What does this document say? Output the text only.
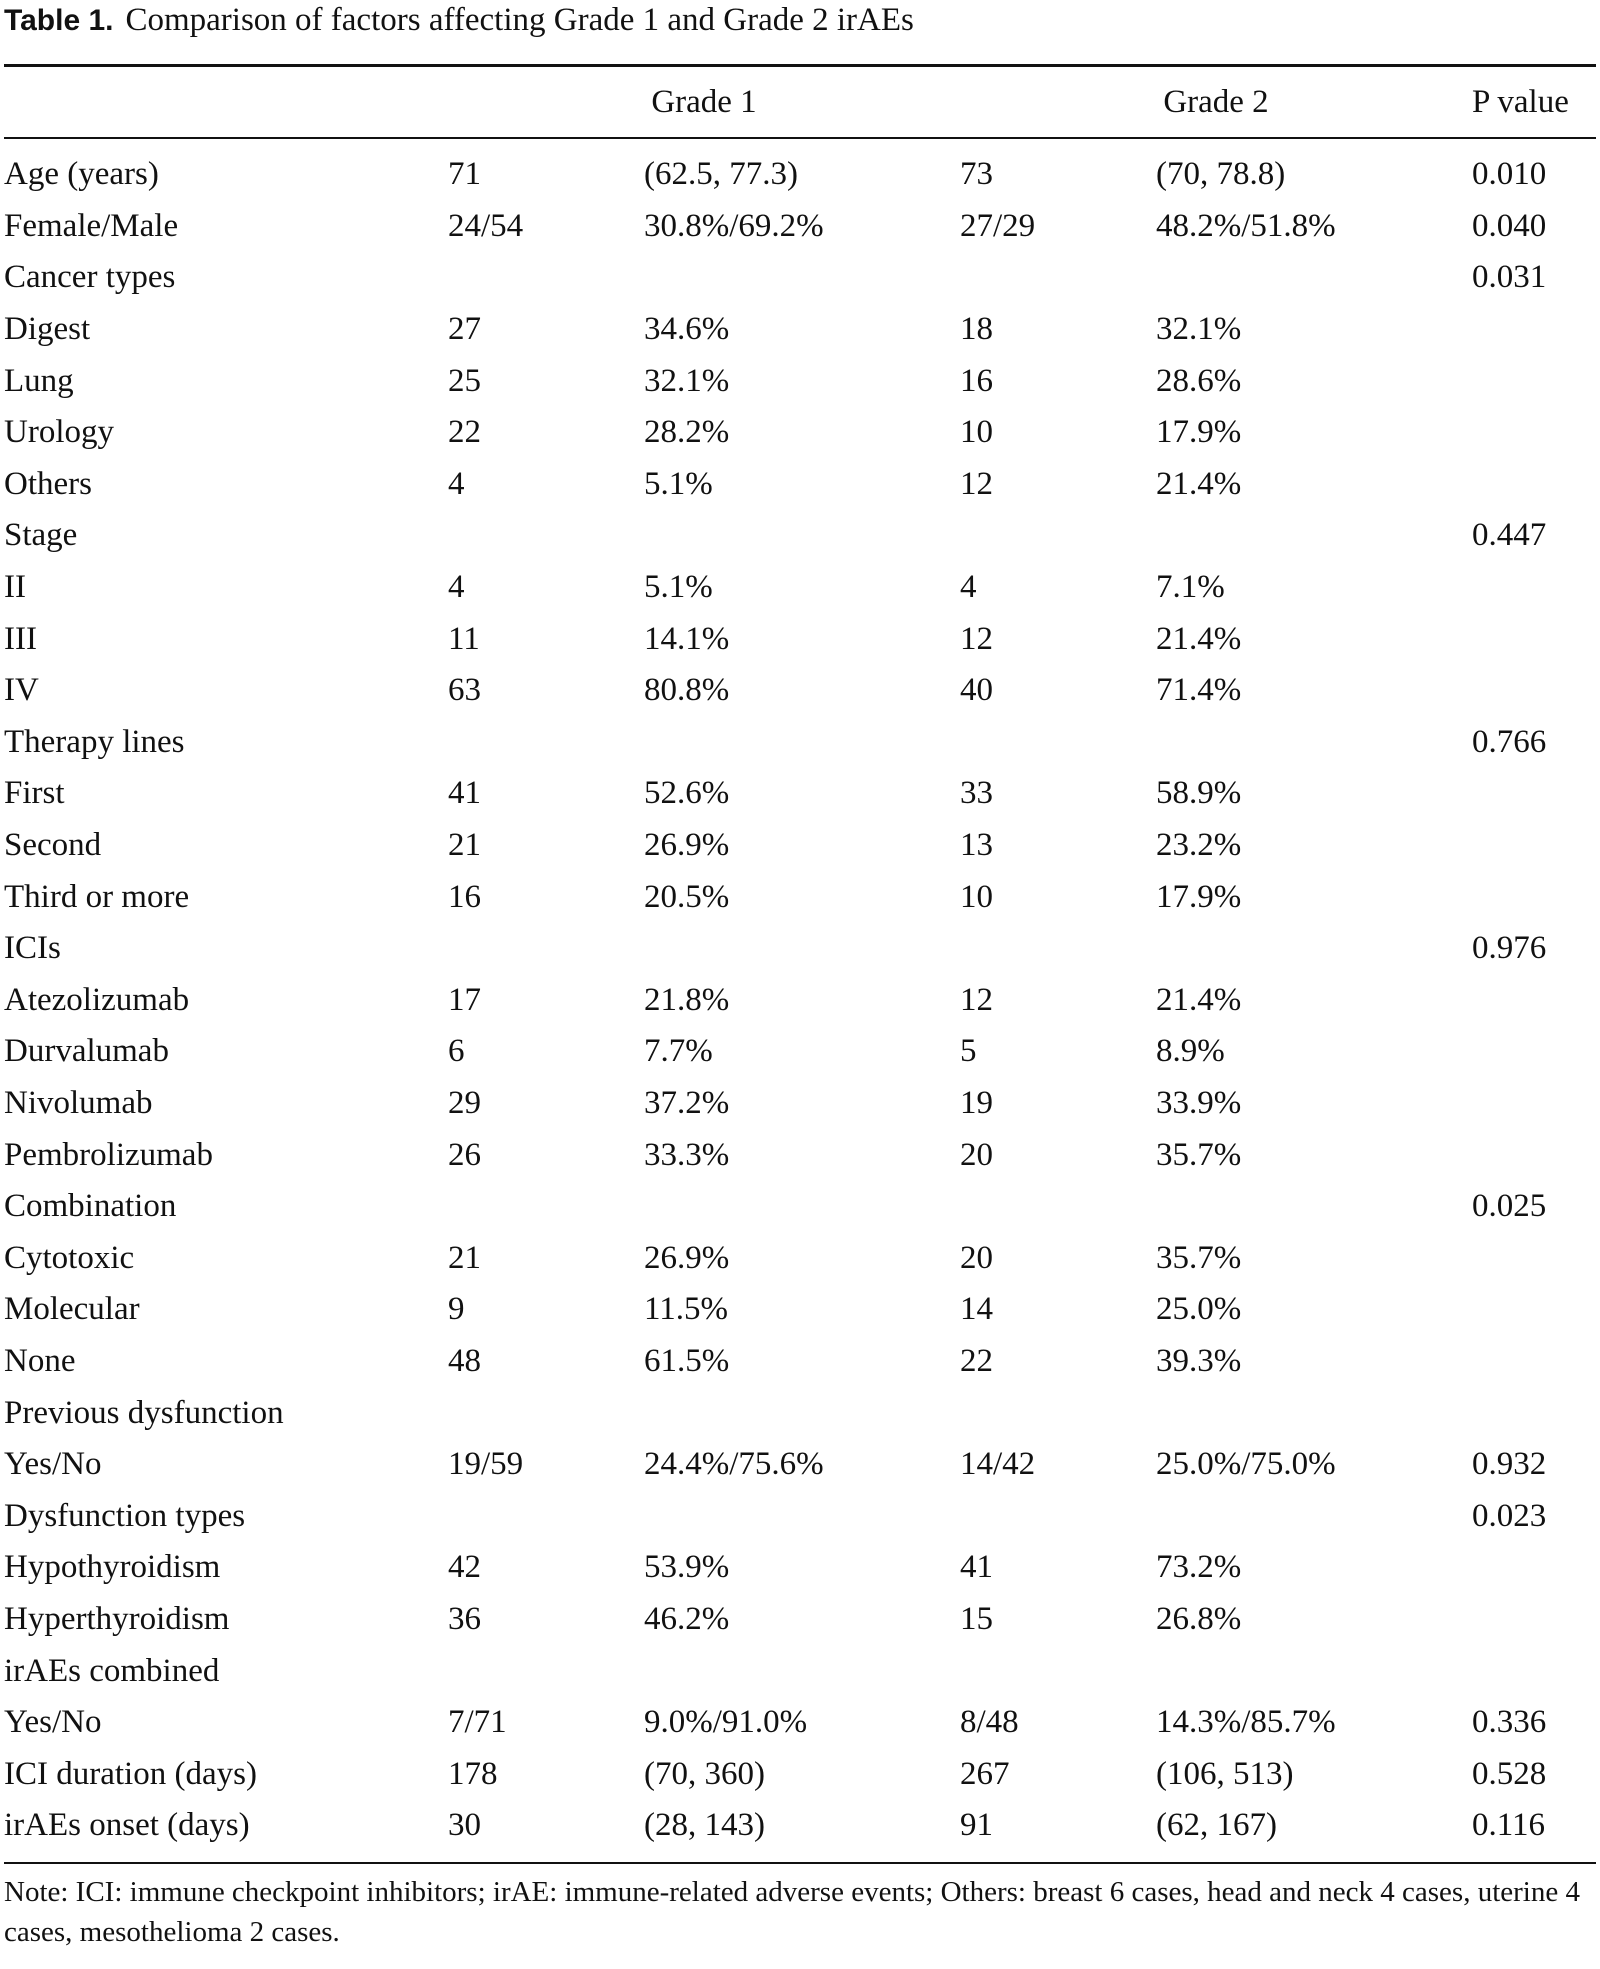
Table 1. Comparison of factors affecting Grade 1 and Grade 2 irAEs
	Grade 1		Grade 2		P value
Age (years)	71	(62.5, 77.3)	73	(70, 78.8)	0.010
Female/Male	24/54	30.8%/69.2%	27/29	48.2%/51.8%	0.040
Cancer types					0.031
Digest	27	34.6%	18	32.1%	
Lung	25	32.1%	16	28.6%	
Urology	22	28.2%	10	17.9%	
Others	4	5.1%	12	21.4%	
Stage					0.447
II	4	5.1%	4	7.1%	
III	11	14.1%	12	21.4%	
IV	63	80.8%	40	71.4%	
Therapy lines					0.766
First	41	52.6%	33	58.9%	
Second	21	26.9%	13	23.2%	
Third or more	16	20.5%	10	17.9%	
ICIs					0.976
Atezolizumab	17	21.8%	12	21.4%	
Durvalumab	6	7.7%	5	8.9%	
Nivolumab	29	37.2%	19	33.9%	
Pembrolizumab	26	33.3%	20	35.7%	
Combination					0.025
Cytotoxic	21	26.9%	20	35.7%	
Molecular	9	11.5%	14	25.0%	
None	48	61.5%	22	39.3%	
Previous dysfunction					
Yes/No	19/59	24.4%/75.6%	14/42	25.0%/75.0%	0.932
Dysfunction types					0.023
Hypothyroidism	42	53.9%	41	73.2%	
Hyperthyroidism	36	46.2%	15	26.8%	
irAEs combined					
Yes/No	7/71	9.0%/91.0%	8/48	14.3%/85.7%	0.336
ICI duration (days)	178	(70, 360)	267	(106, 513)	0.528
irAEs onset (days)	30	(28, 143)	91	(62, 167)	0.116
Note: ICI: immune checkpoint inhibitors; irAE: immune-related adverse events; Others: breast 6 cases, head and neck 4 cases, uterine 4 cases, mesothelioma 2 cases.
